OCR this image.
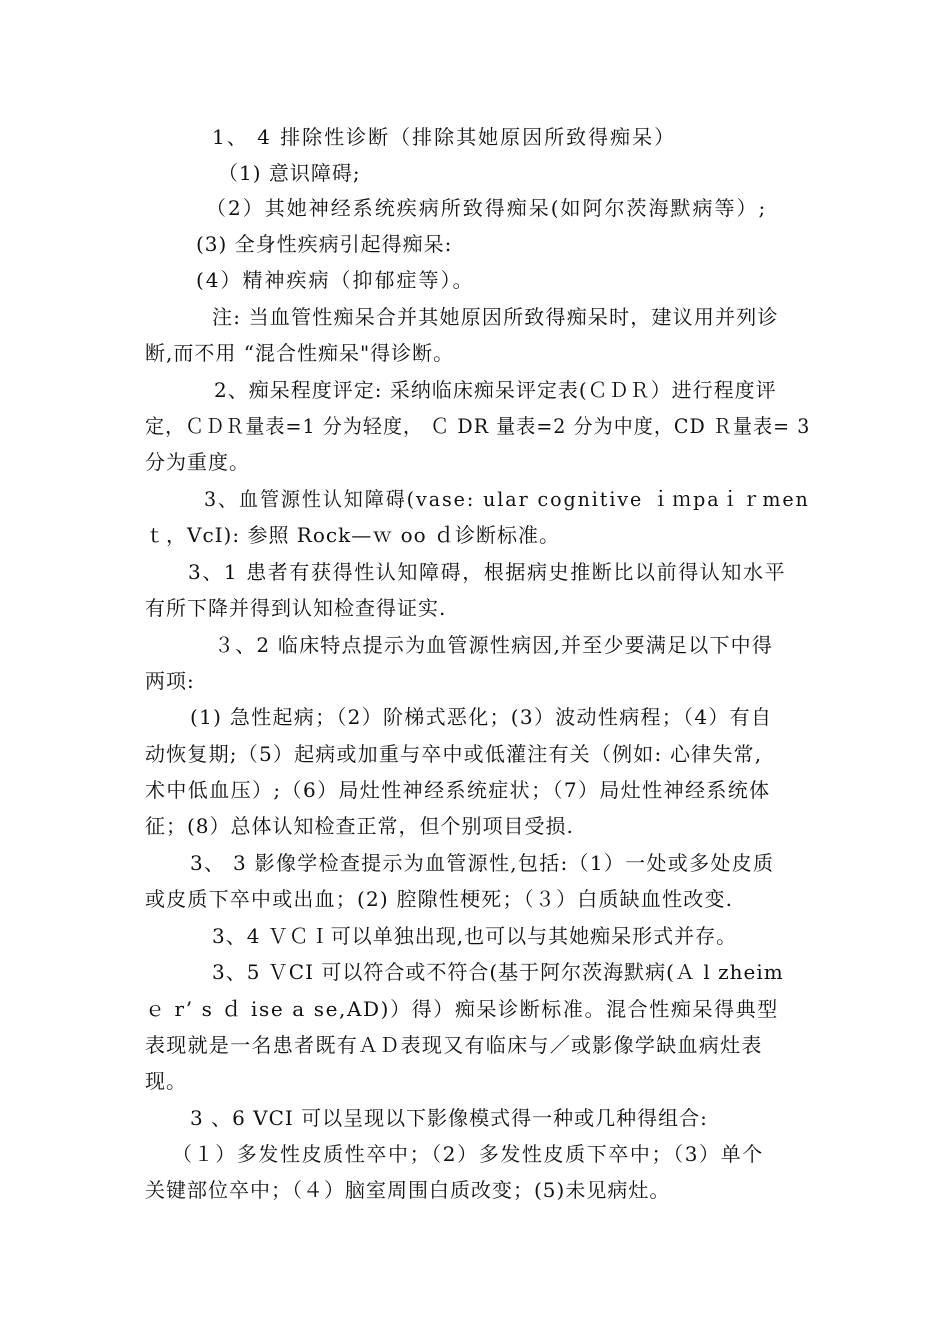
1、 4 排除性诊断（排除其她原因所致得痴呆）
（1) 意识障碍;
（2）其她神经系统疾病所致得痴呆(如阿尔茨海默病等）;
(3) 全身性疾病引起得痴呆:
(4）精神疾病（抑郁症等）。
注: 当血管性痴呆合并其她原因所致得痴呆时，建议用并列诊
断,而不用 “混合性痴呆"得诊断。
2、痴呆程度评定: 采纳临床痴呆评定表(ＣＤＲ）进行程度评
定，ＣＤＲ量表=1 分为轻度， Ｃ DR 量表=2 分为中度，CD Ｒ量表= 3
分为重度。
3、血管源性认知障碍(vase: ular cognitive ｉｍpaｉｒmen
ｔ，VcI): 参照 Rock—ｗ oo ｄ诊断标准。
3、1 患者有获得性认知障碍，根据病史推断比以前得认知水平
有所下降并得到认知检查得证实.
３、2 临床特点提示为血管源性病因,并至少要满足以下中得
两项:
(1) 急性起病；（2）阶梯式恶化；(3）波动性病程；（4）有自
动恢复期;（5）起病或加重与卒中或低灌注有关（例如: 心律失常,
术中低血压）;（6）局灶性神经系统症状；（7）局灶性神经系统体
征；(8）总体认知检查正常，但个别项目受损.
3、 3 影像学检查提示为血管源性,包括:（1）一处或多处皮质
或皮质下卒中或出血；(2) 腔隙性梗死；（３）白质缺血性改变.
3、4 ＶＣＩ可以单独出现,也可以与其她痴呆形式并存。
3、5 ＶCI 可以符合或不符合(基于阿尔茨海默病(Ａ l zheim
ｅ r’ s ｄ ise a se,AD)）得）痴呆诊断标准。混合性痴呆得典型
表现就是一名患者既有ＡＤ表现又有临床与／或影像学缺血病灶表
现。
3 、6 VCI 可以呈现以下影像模式得一种或几种得组合:
（１）多发性皮质性卒中；（2）多发性皮质下卒中；（3）单个
关键部位卒中；（４）脑室周围白质改变；(5)未见病灶。
